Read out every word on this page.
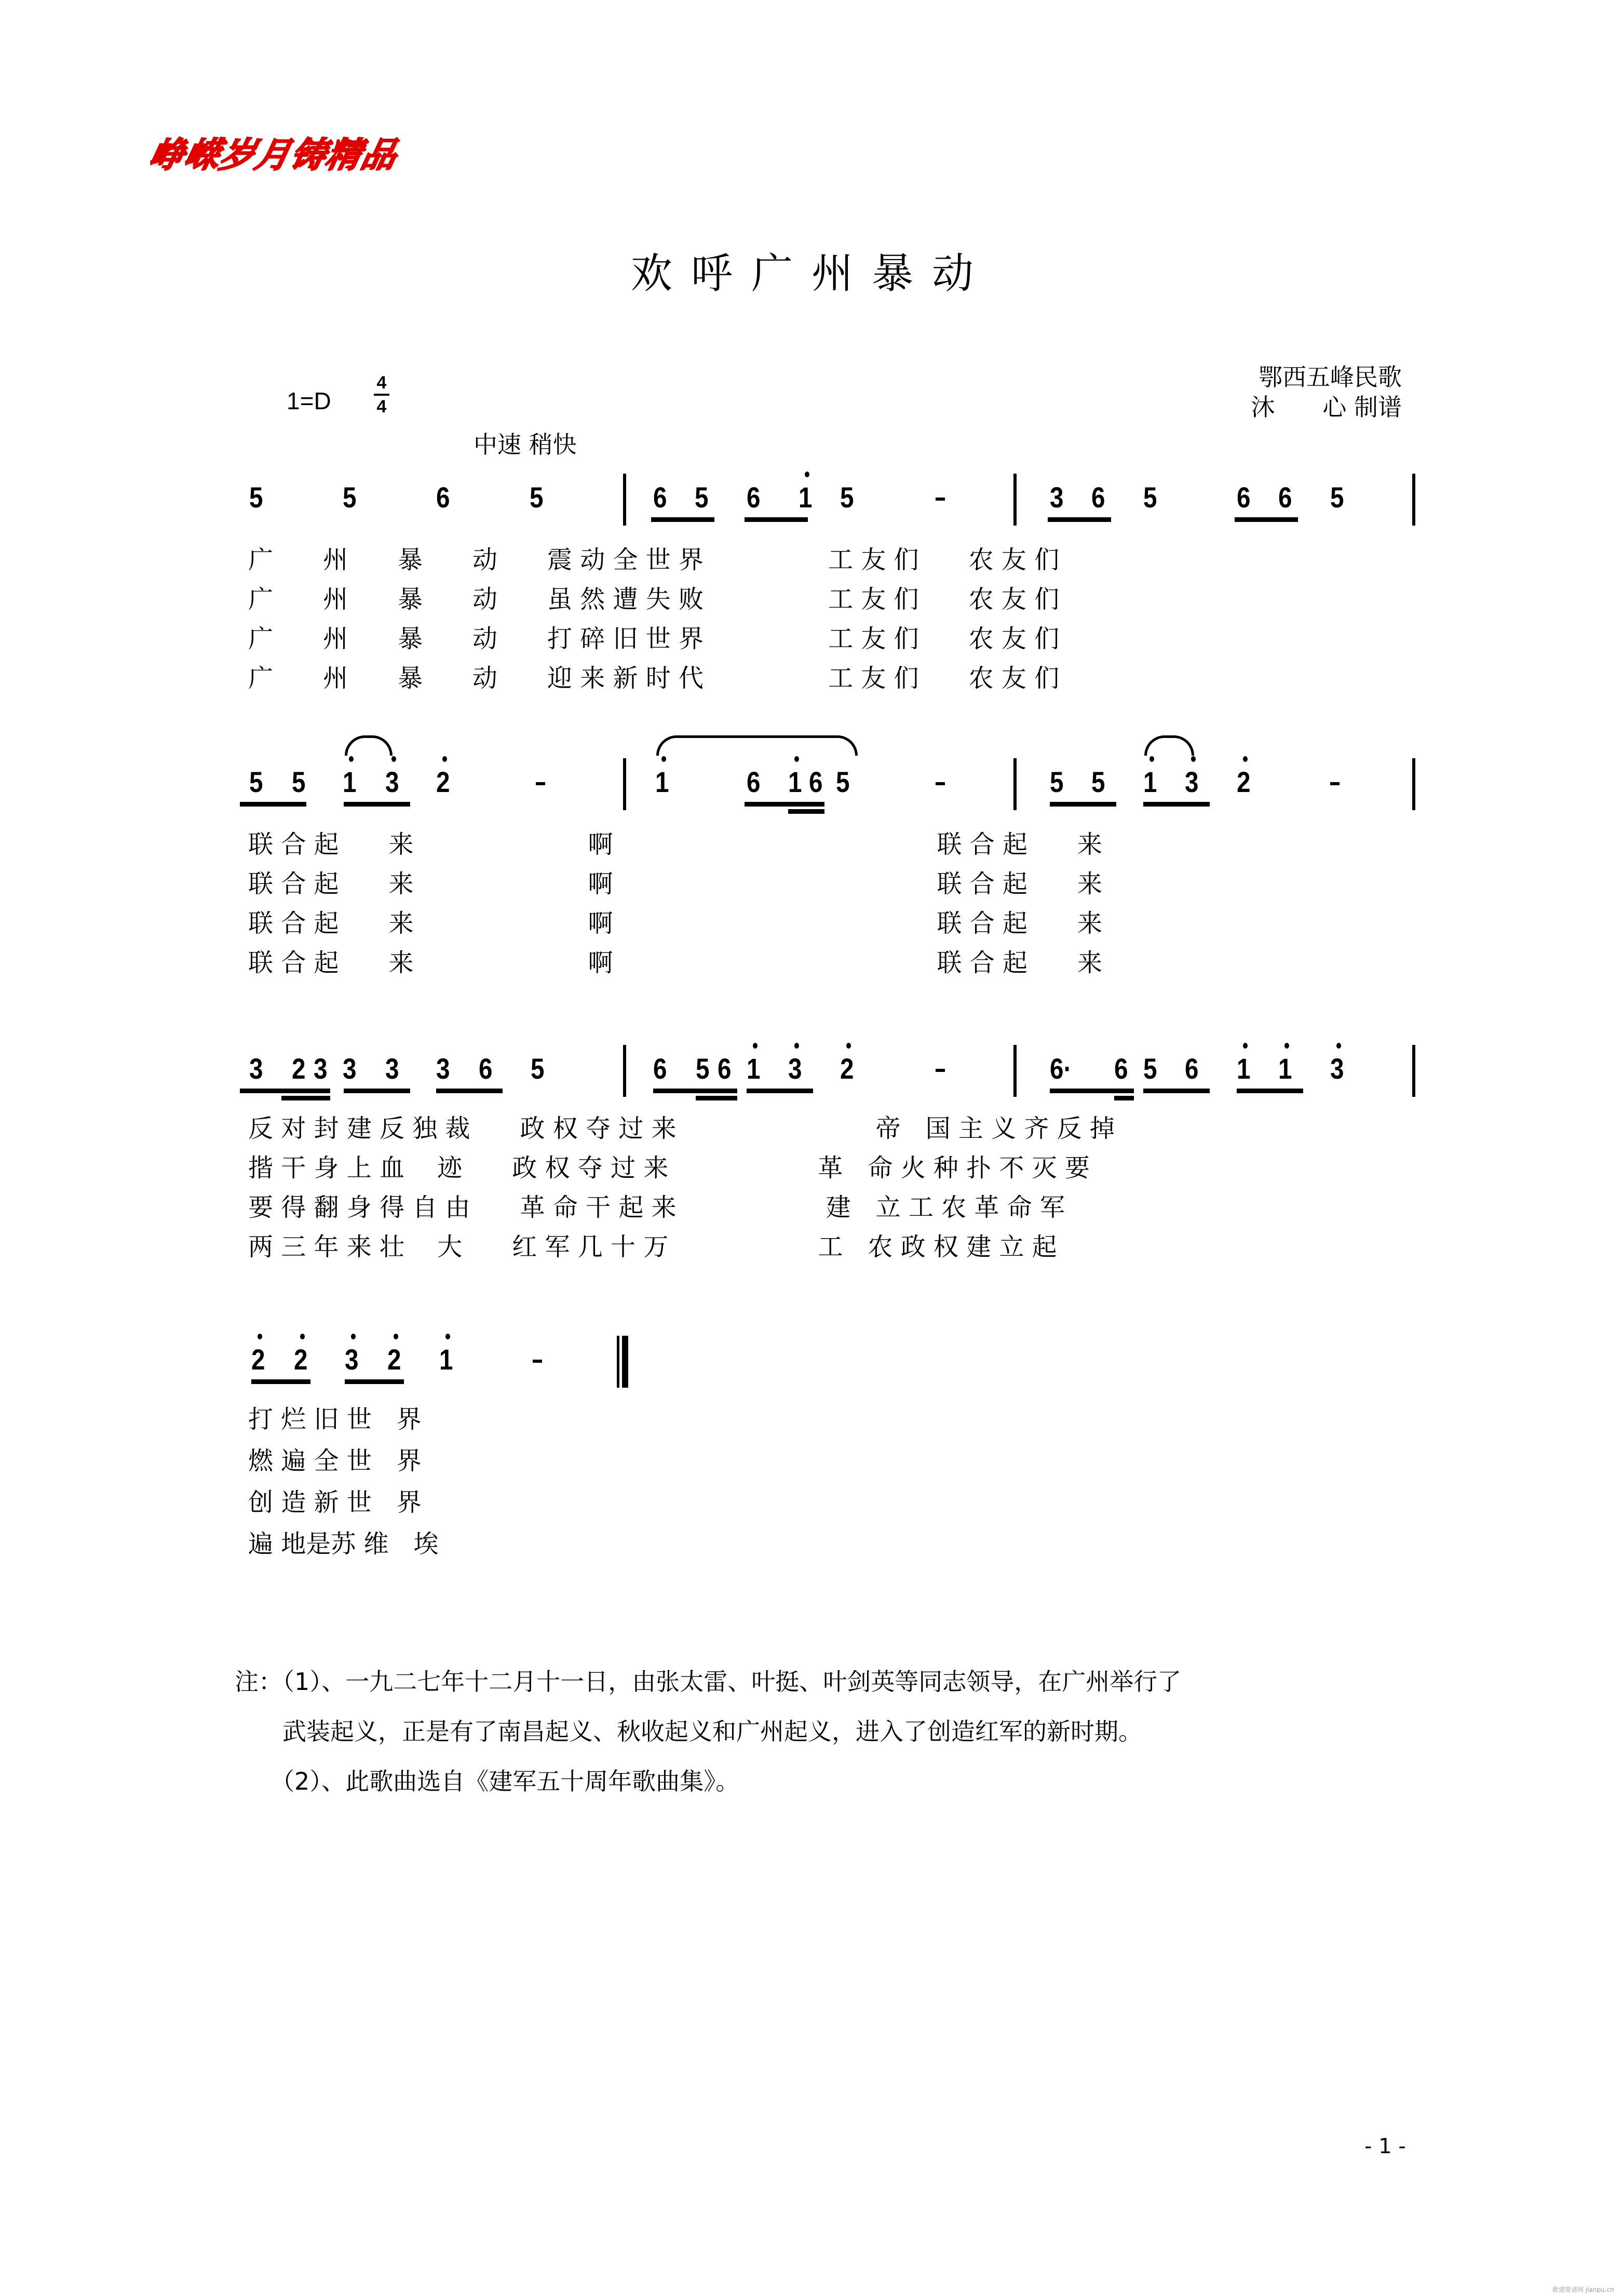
峥嵘岁月铸精品
欢呼广州暴动
1=D
4
4
中速 稍快
鄂西五峰民歌
沐　　心 制谱
5	5	6	5	6 5 6 1 5	3 6 5	6 6 5
广　　州　　暴　　动　　震 动 全 世 界　　　　　工 友 们　　农 友 们
广　　州　　暴　　动　　虽 然 遭 失 败　　　　　工 友 们　　农 友 们
广　　州　　暴　　动　　打 碎 旧 世 界　　　　　工 友 们　　农 友 们
广　　州　　暴　　动　　迎 来 新 时 代　　　　　工 友 们　　农 友 们
5 5 1 3 2	1	6 1 6 5	5 5 1 3 2
联 合 起　　来　　　　　　　啊　　　　　　　　　　　　　联 合 起　　来
联 合 起　　来　　　　　　　啊　　　　　　　　　　　　　联 合 起　　来
联 合 起　　来　　　　　　　啊　　　　　　　　　　　　　联 合 起　　来
联 合 起　　来　　　　　　　啊　　　　　　　　　　　　　联 合 起　　来
3 2 3 3 3 3 6 5	6 5 6 1 3 2	6· 6 5 6 1 1 3
反 对 封 建 反 独 裁　　政 权 夺 过 来　　　　　　　　帝　国 主 义 齐 反 掉
揩 干 身 上 血　 迹　　政 权 夺 过 来　　　　　　革　命 火 种 扑 不 灭 要
要 得 翻 身 得 自 由　　革 命 干 起 来　　　　　　建　立 工 农 革 命 军
两 三 年 来 壮　 大　　红 军 几 十 万　　　　　　工　农 政 权 建 立 起
2 2 3 2 1
打 烂 旧 世　界
燃 遍 全 世　界
创 造 新 世　界
遍 地是苏 维　埃
注：（1）、一九二七年十二月十一日，由张太雷、叶挺、叶剑英等同志领导，在广州举行了
　　武装起义，正是有了南昌起义、秋收起义和广州起义，进入了创造红军的新时期。
　　（2）、此歌曲选自《建军五十周年歌曲集》。
- 1 -
歌谱简谱网 jianpu.cn
